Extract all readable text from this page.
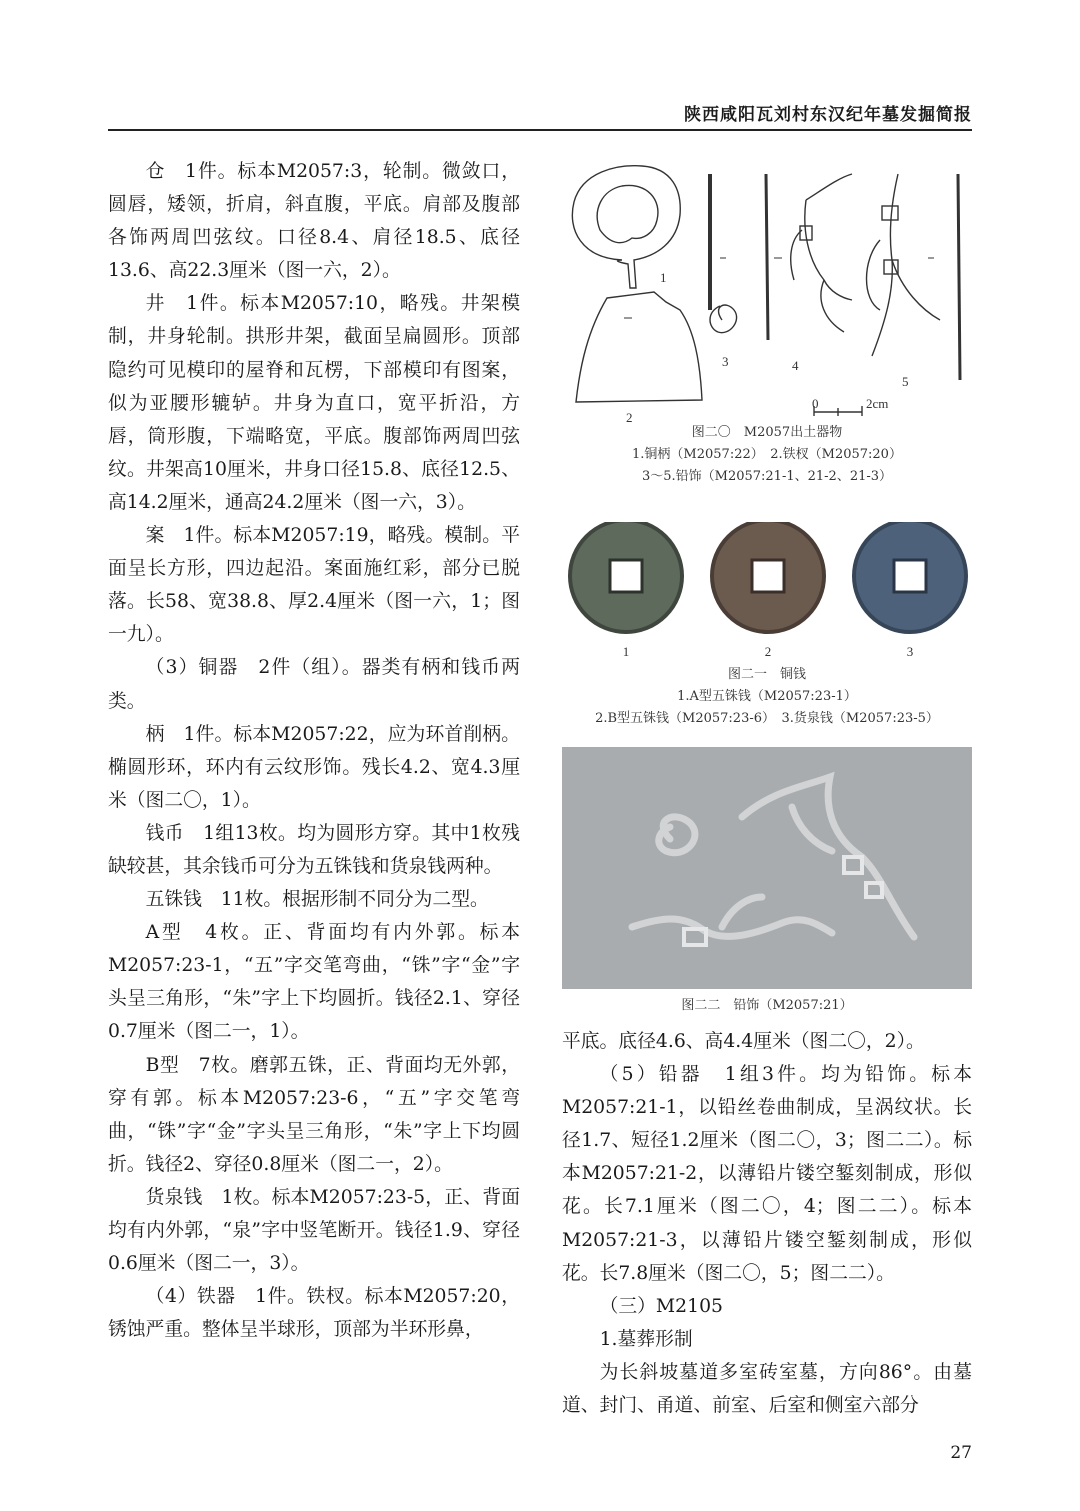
陕西咸阳瓦刘村东汉纪年墓发掘简报

仓　1件。标本M2057:3，轮制。微敛口，圆唇，矮领，折肩，斜直腹，平底。肩部及腹部各饰两周凹弦纹。口径8.4、肩径18.5、底径13.6、高22.3厘米（图一六，2）。

井　1件。标本M2057:10，略残。井架模制，井身轮制。拱形井架，截面呈扁圆形。顶部隐约可见模印的屋脊和瓦楞，下部模印有图案，似为亚腰形辘轳。井身为直口，宽平折沿，方唇，筒形腹，下端略宽，平底。腹部饰两周凹弦纹。井架高10厘米，井身口径15.8、底径12.5、高14.2厘米，通高24.2厘米（图一六，3）。

案　1件。标本M2057:19，略残。模制。平面呈长方形，四边起沿。案面施红彩，部分已脱落。长58、宽38.8、厚2.4厘米（图一六，1；图一九）。

（3）铜器　2件（组）。器类有柄和钱币两类。

柄　1件。标本M2057:22，应为环首削柄。椭圆形环，环内有云纹形饰。残长4.2、宽4.3厘米（图二〇，1）。

钱币　1组13枚。均为圆形方穿。其中1枚残缺较甚，其余钱币可分为五铢钱和货泉钱两种。

五铢钱　11枚。根据形制不同分为二型。

A型　4枚。正、背面均有内外郭。标本M2057:23-1，“五”字交笔弯曲，“铢”字“金”字头呈三角形，“朱”字上下均圆折。钱径2.1、穿径0.7厘米（图二一，1）。

B型　7枚。磨郭五铢，正、背面均无外郭，穿有郭。标本M2057:23-6，“五”字交笔弯曲，“铢”字“金”字头呈三角形，“朱”字上下均圆折。钱径2、穿径0.8厘米（图二一，2）。

货泉钱　1枚。标本M2057:23-5，正、背面均有内外郭，“泉”字中竖笔断开。钱径1.9、穿径0.6厘米（图二一，3）。

（4）铁器　1件。铁杈。标本M2057:20，锈蚀严重。整体呈半球形，顶部为半环形鼻，

1
2
3	4
5
0	2cm
图二〇　M2057出土器物
1.铜柄（M2057:22）　2.铁杈（M2057:20）
3～5.铅饰（M2057:21-1、21-2、21-3）
1	2	3
图二一　铜钱
1.A型五铢钱（M2057:23-1）
2.B型五铢钱（M2057:23-6）　3.货泉钱（M2057:23-5）
图二二　铅饰（M2057:21）

平底。底径4.6、高4.4厘米（图二〇，2）。

（5）铅器　1组3件。均为铅饰。标本M2057:21-1，以铅丝卷曲制成，呈涡纹状。长径1.7、短径1.2厘米（图二〇，3；图二二）。标本M2057:21-2，以薄铅片镂空錾刻制成，形似花。长7.1厘米（图二〇，4；图二二）。标本M2057:21-3，以薄铅片镂空錾刻制成，形似花。长7.8厘米（图二〇，5；图二二）。

（三）M2105

1.墓葬形制

为长斜坡墓道多室砖室墓，方向86°。由墓道、封门、甬道、前室、后室和侧室六部分

27
